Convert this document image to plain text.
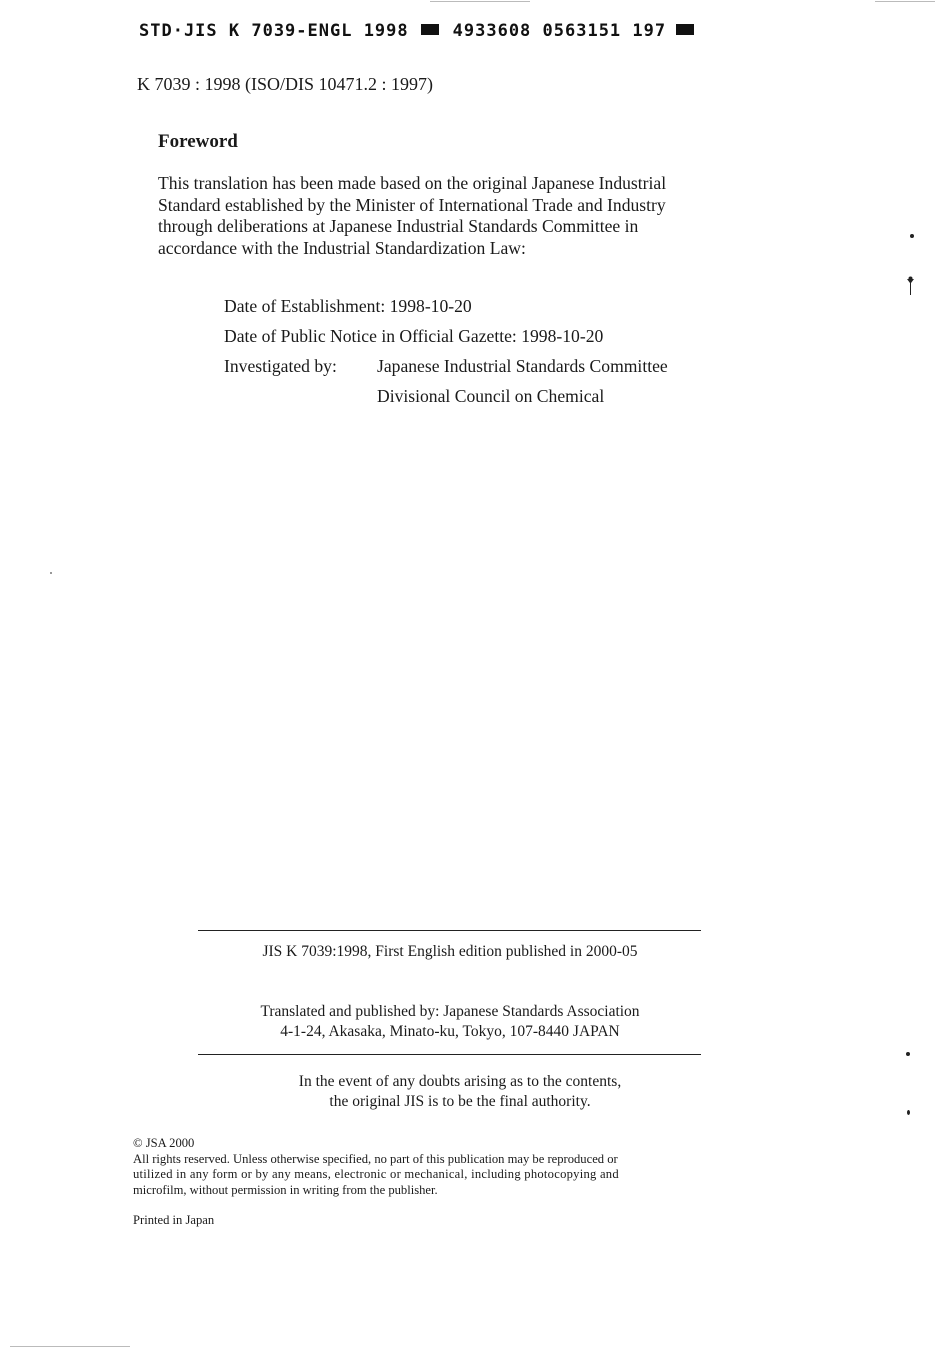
STD·JIS K 7039-ENGL 1998	4933608 0563151 197
K 7039 : 1998 (ISO/DIS 10471.2 : 1997)
Foreword
This translation has been made based on the original Japanese Industrial
Standard established by the Minister of International Trade and Industry
through deliberations at Japanese Industrial Standards Committee in
accordance with the Industrial Standardization Law:
Date of Establishment: 1998-10-20
Date of Public Notice in Official Gazette: 1998-10-20
Investigated by: Japanese Industrial Standards Committee
Divisional Council on Chemical
JIS K 7039:1998, First English edition published in 2000-05
Translated and published by: Japanese Standards Association
4-1-24, Akasaka, Minato-ku, Tokyo, 107-8440 JAPAN
In the event of any doubts arising as to the contents,
the original JIS is to be the final authority.
© JSA 2000
All rights reserved. Unless otherwise specified, no part of this publication may be reproduced or
utilized in any form or by any means, electronic or mechanical, including photocopying and
microfilm, without permission in writing from the publisher.
Printed in Japan
